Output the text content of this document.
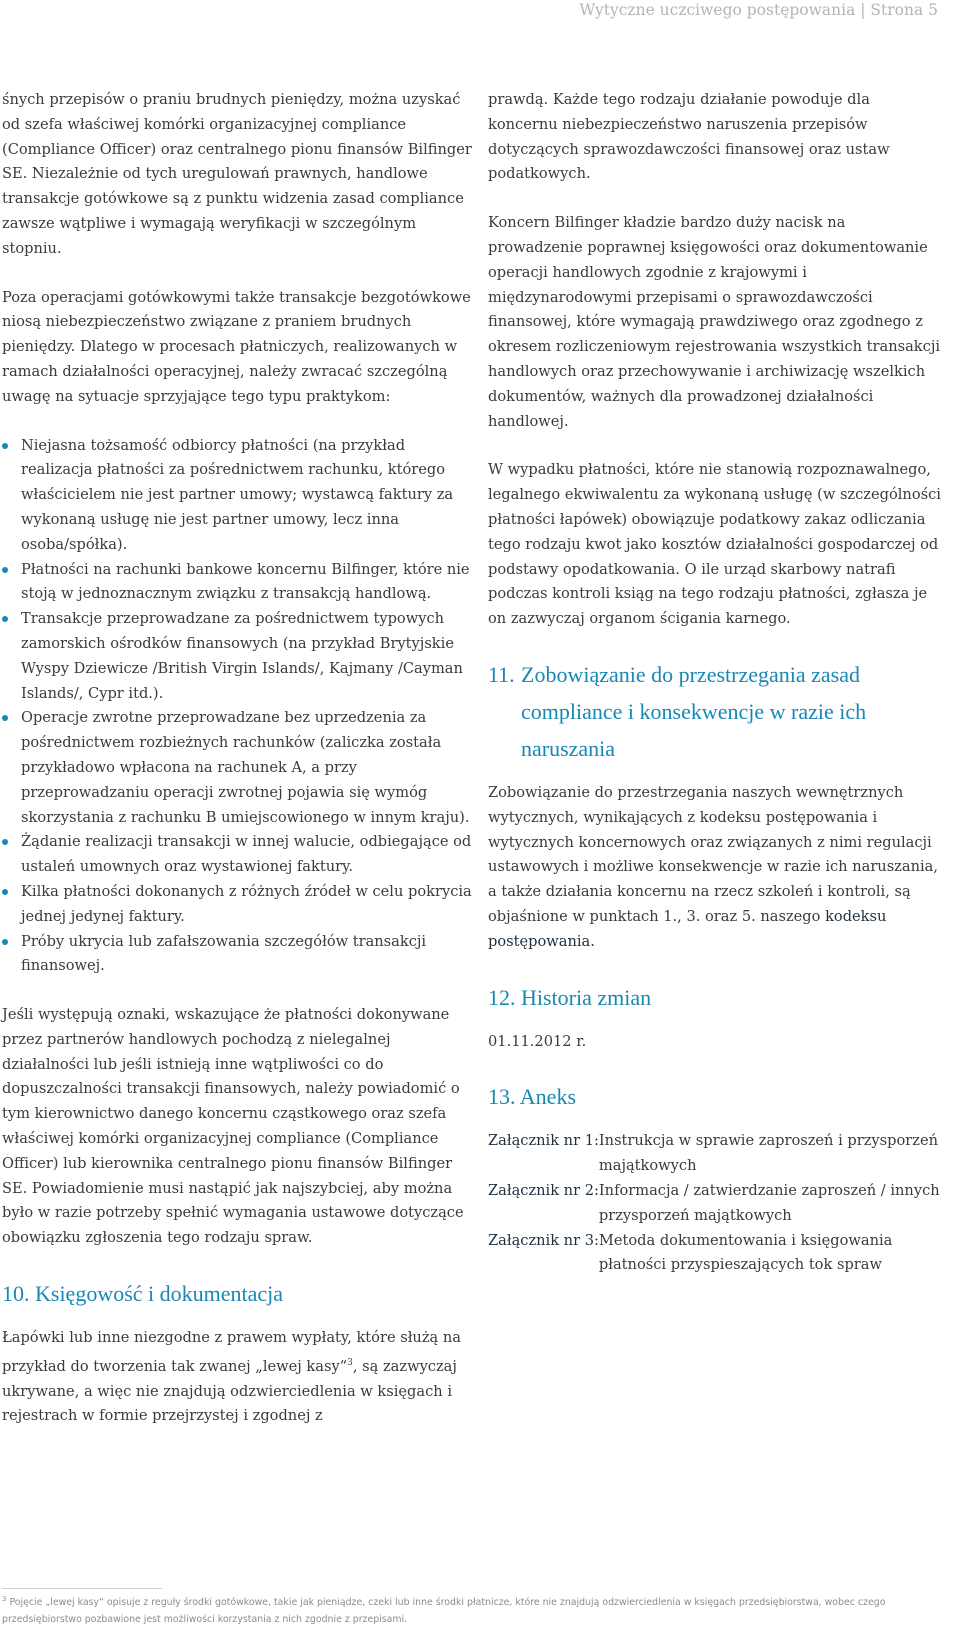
Wytyczne uczciwego postępowania | Strona 5

śnych przepisów o praniu brudnych pieniędzy, można uzyskać od szefa właściwej komórki organizacyjnej compliance (Compliance Officer) oraz centralnego pionu finansów Bilfinger SE. Niezależnie od tych uregulowań prawnych, handlowe transakcje gotówkowe są z punktu widzenia zasad compliance zawsze wątpliwe i wymagają weryfikacji w szczególnym stopniu.

Poza operacjami gotówkowymi także transakcje bezgotówkowe niosą niebezpieczeństwo związane z praniem brudnych pieniędzy. Dlatego w procesach płatniczych, realizowanych w ramach działalności operacyjnej, należy zwracać szczególną uwagę na sytuacje sprzyjające tego typu praktykom:

Niejasna tożsamość odbiorcy płatności (na przykład realizacja płatności za pośrednictwem rachunku, którego właścicielem nie jest partner umowy; wystawcą faktury za wykonaną usługę nie jest partner umowy, lecz inna osoba/spółka).
Płatności na rachunki bankowe koncernu Bilfinger, które nie stoją w jednoznacznym związku z transakcją handlową.
Transakcje przeprowadzane za pośrednictwem typowych zamorskich ośrodków finansowych (na przykład Brytyjskie Wyspy Dziewicze /British Virgin Islands/, Kajmany /Cayman Islands/, Cypr itd.).
Operacje zwrotne przeprowadzane bez uprzedzenia za pośrednictwem rozbieżnych rachunków (zaliczka została przykładowo wpłacona na rachunek A, a przy przeprowadzaniu operacji zwrotnej pojawia się wymóg skorzystania z rachunku B umiejscowionego w innym kraju).
Żądanie realizacji transakcji w innej walucie, odbiegające od ustaleń umownych oraz wystawionej faktury.
Kilka płatności dokonanych z różnych źródeł w celu pokrycia jednej jedynej faktury.
Próby ukrycia lub zafałszowania szczegółów transakcji finansowej.

Jeśli występują oznaki, wskazujące że płatności dokonywane przez partnerów handlowych pochodzą z nielegalnej działalności lub jeśli istnieją inne wątpliwości co do dopuszczalności transakcji finansowych, należy powiadomić o tym kierownictwo danego koncernu cząstkowego oraz szefa właściwej komórki organizacyjnej compliance (Compliance Officer) lub kierownika centralnego pionu finansów Bilfinger SE. Powiadomienie musi nastąpić jak najszybciej, aby można było w razie potrzeby spełnić wymagania ustawowe dotyczące obowiązku zgłoszenia tego rodzaju spraw.

10. Księgowość i dokumentacja

Łapówki lub inne niezgodne z prawem wypłaty, które służą na przykład do tworzenia tak zwanej „lewej kasy“$^3$, są zazwyczaj ukrywane, a więc nie znajdują odzwierciedlenia w księgach i rejestrach w formie przejrzystej i zgodnej z

prawdą. Każde tego rodzaju działanie powoduje dla koncernu niebezpieczeństwo naruszenia przepisów dotyczących sprawozdawczości finansowej oraz ustaw podatkowych.

Koncern Bilfinger kładzie bardzo duży nacisk na prowadzenie poprawnej księgowości oraz dokumentowanie operacji handlowych zgodnie z krajowymi i międzynarodowymi przepisami o sprawozdawczości finansowej, które wymagają prawdziwego oraz zgodnego z okresem rozliczeniowym rejestrowania wszystkich transakcji handlowych oraz przechowywanie i archiwizację wszelkich dokumentów, ważnych dla prowadzonej działalności handlowej.

W wypadku płatności, które nie stanowią rozpoznawalnego, legalnego ekwiwalentu za wykonaną usługę (w szczególności płatności łapówek) obowiązuje podatkowy zakaz odliczania tego rodzaju kwot jako kosztów działalności gospodarczej od podstawy opodatkowania. O ile urząd skarbowy natrafi podczas kontroli ksiąg na tego rodzaju płatności, zgłasza je on zazwyczaj organom ścigania karnego.

11. Zobowiązanie do przestrzegania zasad compliance i konsekwencje w razie ich naruszania

Zobowiązanie do przestrzegania naszych wewnętrznych wytycznych, wynikających z kodeksu postępowania i wytycznych koncernowych oraz związanych z nimi regulacji ustawowych i możliwe konsekwencje w razie ich naruszania, a także działania koncernu na rzecz szkoleń i kontroli, są objaśnione w punktach 1., 3. oraz 5. naszego kodeksu postępowania.

12. Historia zmian
01.11.2012 r.
13. Aneks
Załącznik nr 1: Instrukcja w sprawie zaproszeń i przysporzeń majątkowych
Załącznik nr 2: Informacja / zatwierdzanie zaproszeń / innych przysporzeń majątkowych
Załącznik nr 3: Metoda dokumentowania i księgowania płatności przyspieszających tok spraw
$^3$ Pojęcie „lewej kasy“ opisuje z reguły środki gotówkowe, takie jak pieniądze, czeki lub inne środki płatnicze, które nie znajdują odzwierciedlenia w księgach przedsiębiorstwa, wobec czego przedsiębiorstwo pozbawione jest możliwości korzystania z nich zgodnie z przepisami.
